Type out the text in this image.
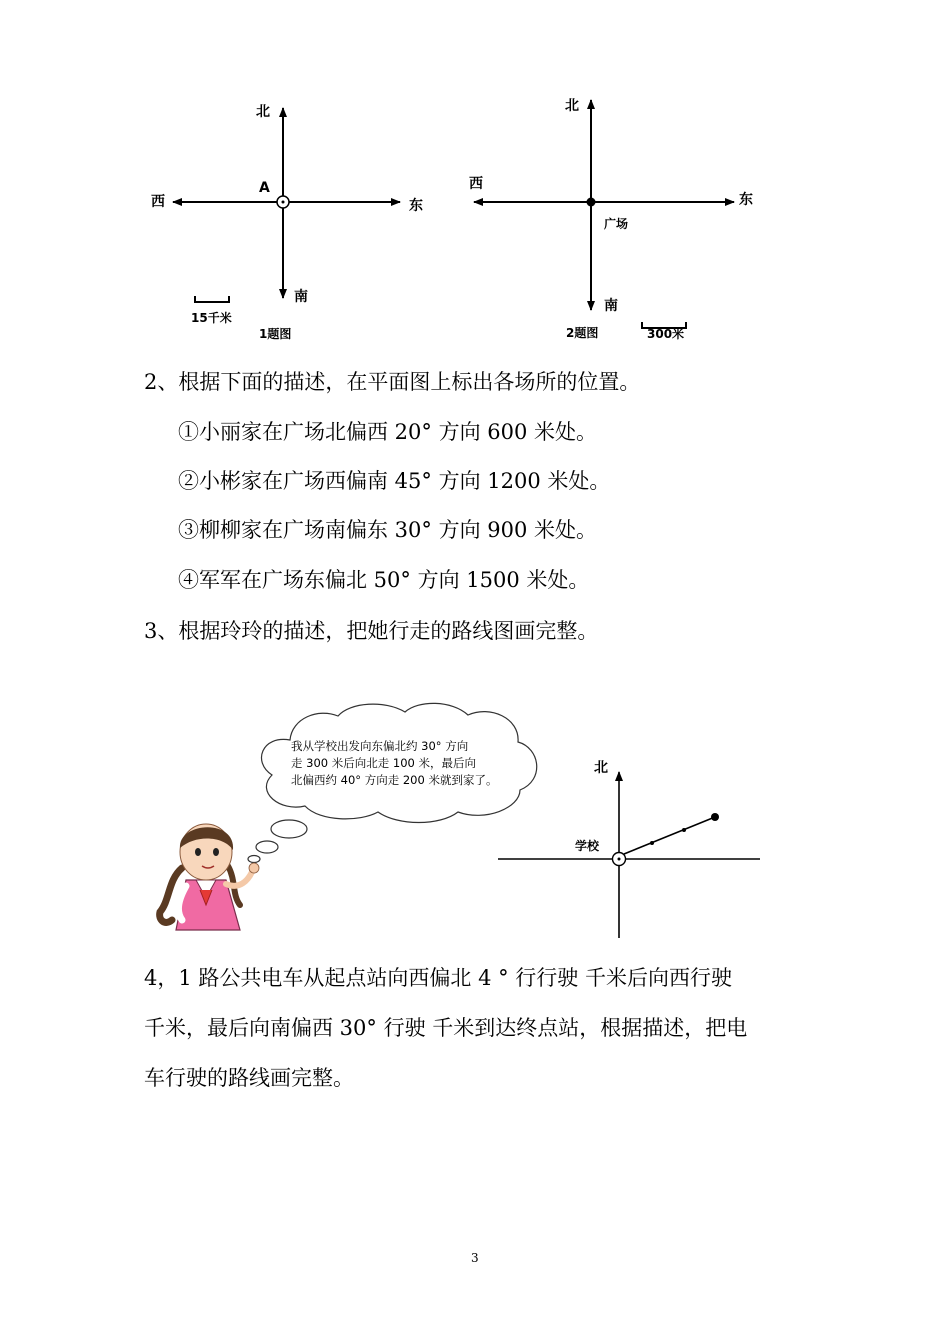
北
西	东
南
A
15千米
1题图
北
西
东
南
广场
2题图	300米
2、根据下面的描述，在平面图上标出各场所的位置。
①小丽家在广场北偏西 20° 方向 600 米处。
②小彬家在广场西偏南 45° 方向 1200 米处。
③柳柳家在广场南偏东 30° 方向 900 米处。
④军军在广场东偏北 50° 方向 1500 米处。
3、根据玲玲的描述，把她行走的路线图画完整。
我从学校出发向东偏北约 30° 方向
走 300 米后向北走 100 米，最后向
北偏西约 40° 方向走 200 米就到家了。
北
学校
4，1 路公共电车从起点站向西偏北 4 ° 行行驶 千米后向西行驶
千米，最后向南偏西 30° 行驶 千米到达终点站，根据描述，把电
车行驶的路线画完整。
3
